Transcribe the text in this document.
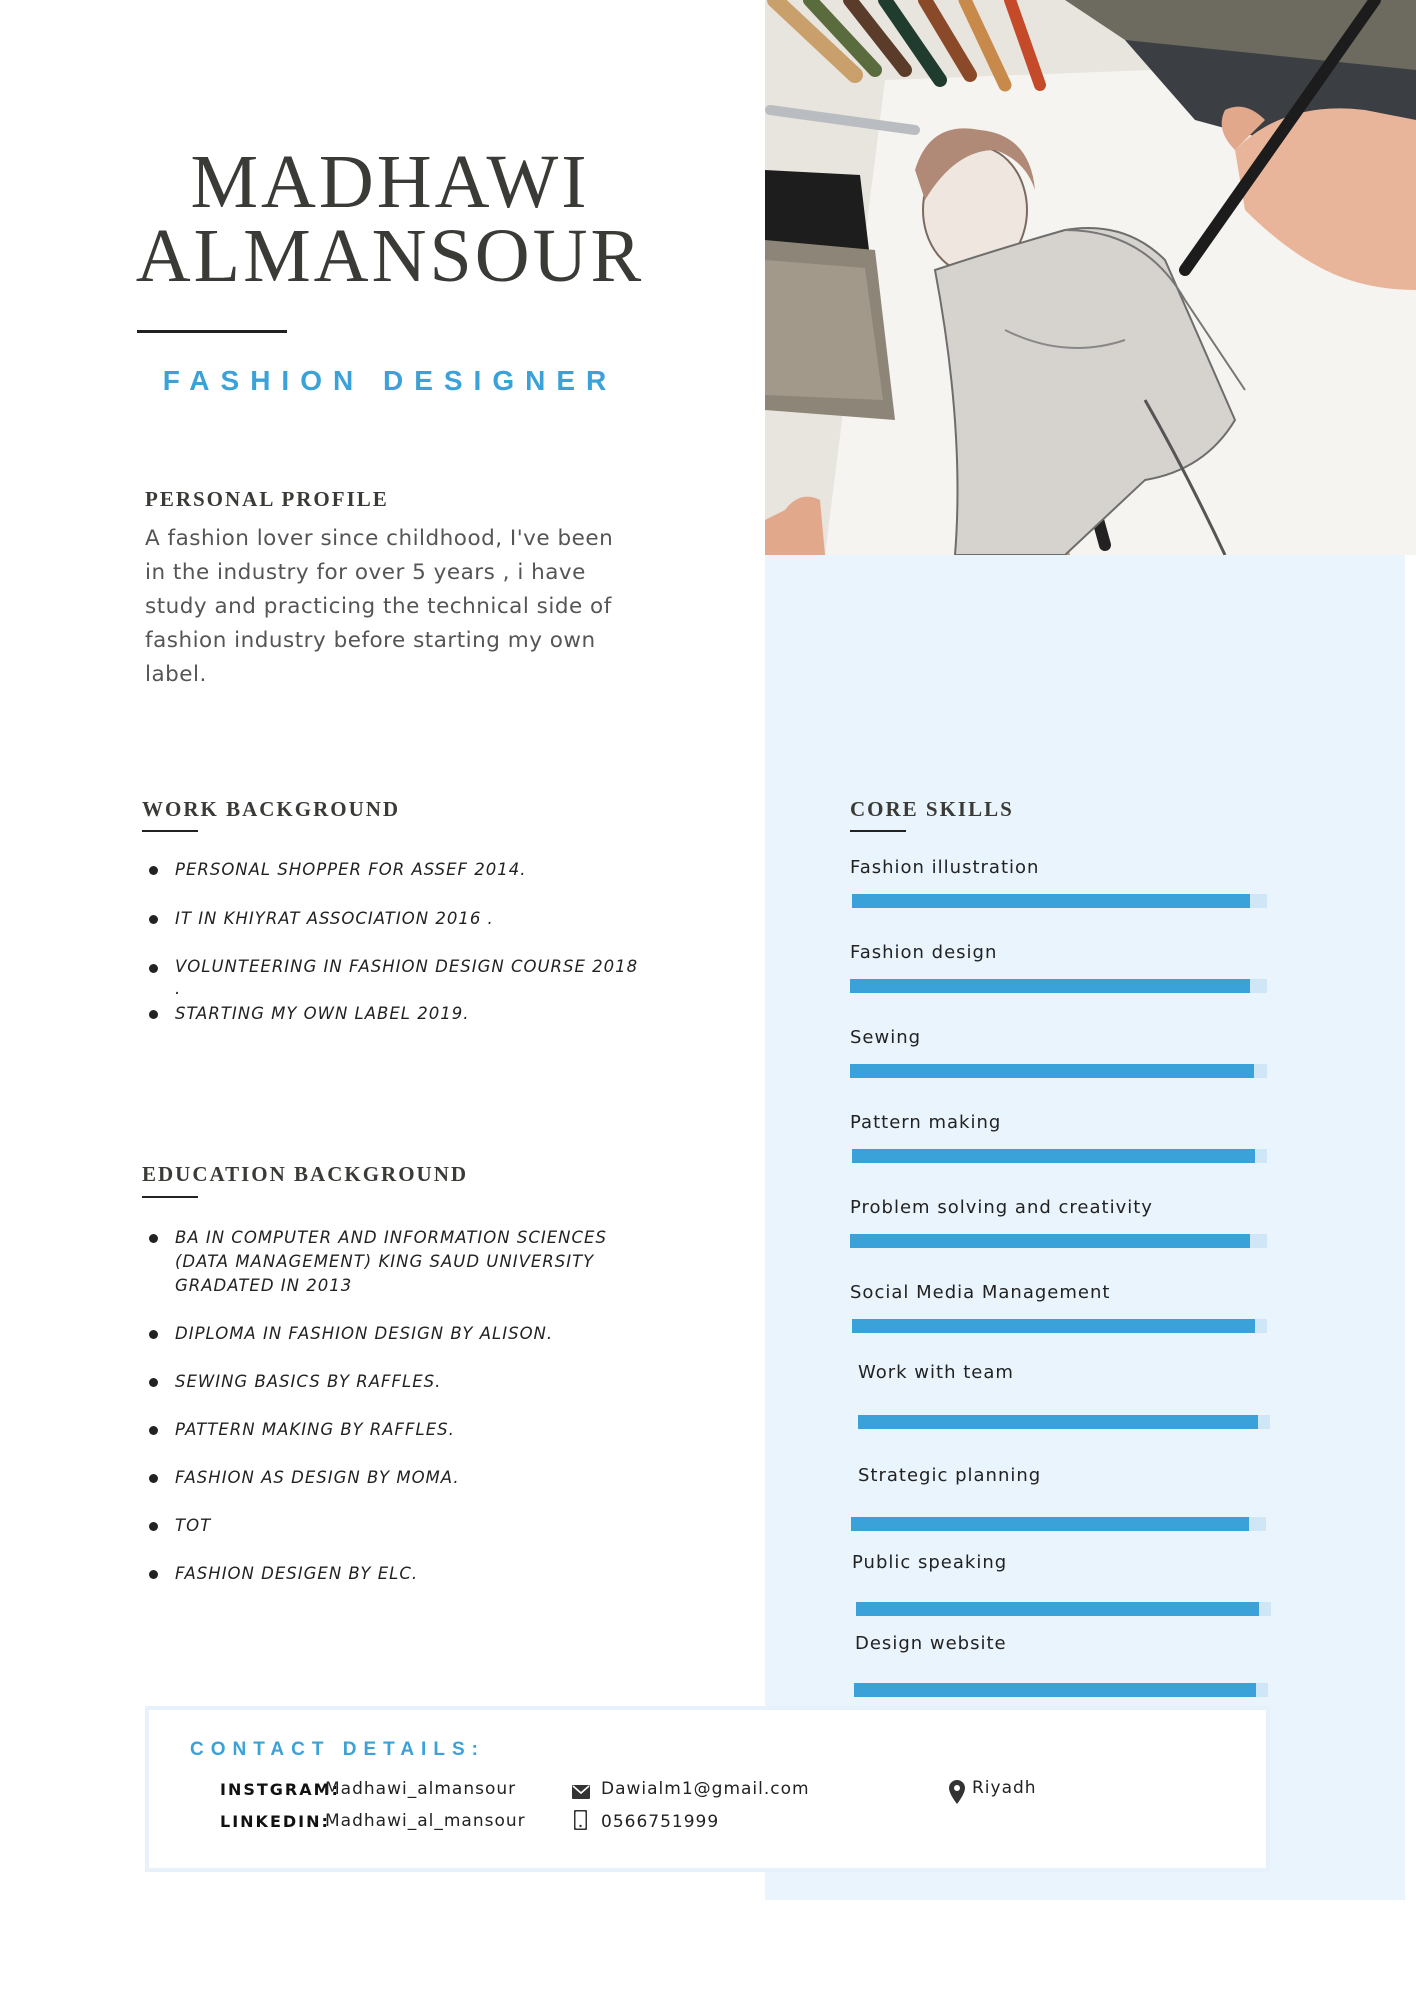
MADHAWI
ALMANSOUR
FASHION DESIGNER
PERSONAL PROFILE
A fashion lover since childhood, I've been in the industry for over 5 years , i have study and practicing the technical side of fashion industry before starting my own label.
WORK BACKGROUND
PERSONAL SHOPPER FOR ASSEF 2014.
IT IN KHIYRAT ASSOCIATION 2016 .
VOLUNTEERING IN FASHION DESIGN COURSE 2018 .
STARTING MY OWN LABEL 2019.
EDUCATION BACKGROUND
BA IN COMPUTER AND INFORMATION SCIENCES (DATA MANAGEMENT) KING SAUD UNIVERSITY GRADATED IN 2013
DIPLOMA IN FASHION DESIGN BY ALISON.
SEWING BASICS BY RAFFLES.
PATTERN MAKING BY RAFFLES.
FASHION AS DESIGN BY MOMA.
TOT
FASHION DESIGEN BY ELC.
CORE SKILLS
Fashion illustration
Fashion design
Sewing
Pattern making
Problem solving and creativity
Social Media Management
Work with team
Strategic planning
Public speaking
Design website
CONTACT DETAILS:
INSTGRAM:
Madhawi_almansour
LINKEDIN:
Madhawi_al_mansour
Dawialm1@gmail.com
0566751999
Riyadh
